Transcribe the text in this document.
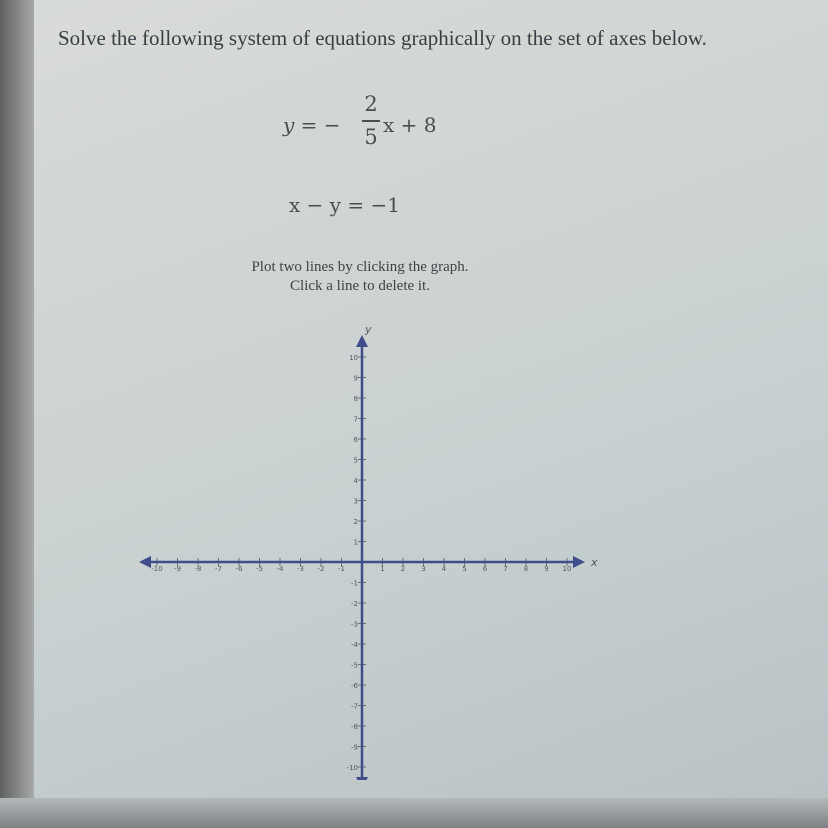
Solve the following system of equations graphically on the set of axes below.
y = −
2
5 x + 8
x − y = −1
Plot two lines by clicking the graph.
Click a line to delete it.
x
y
-10 -9 -8 -7 -6 -5 -4 -3 -2 -1	1 2 3 4 5 6 7 8 9 10
10
9
8
7
6
5
4
3
2
1
-1
-2
-3
-4
-5
-6
-7
-8
-9
-10
